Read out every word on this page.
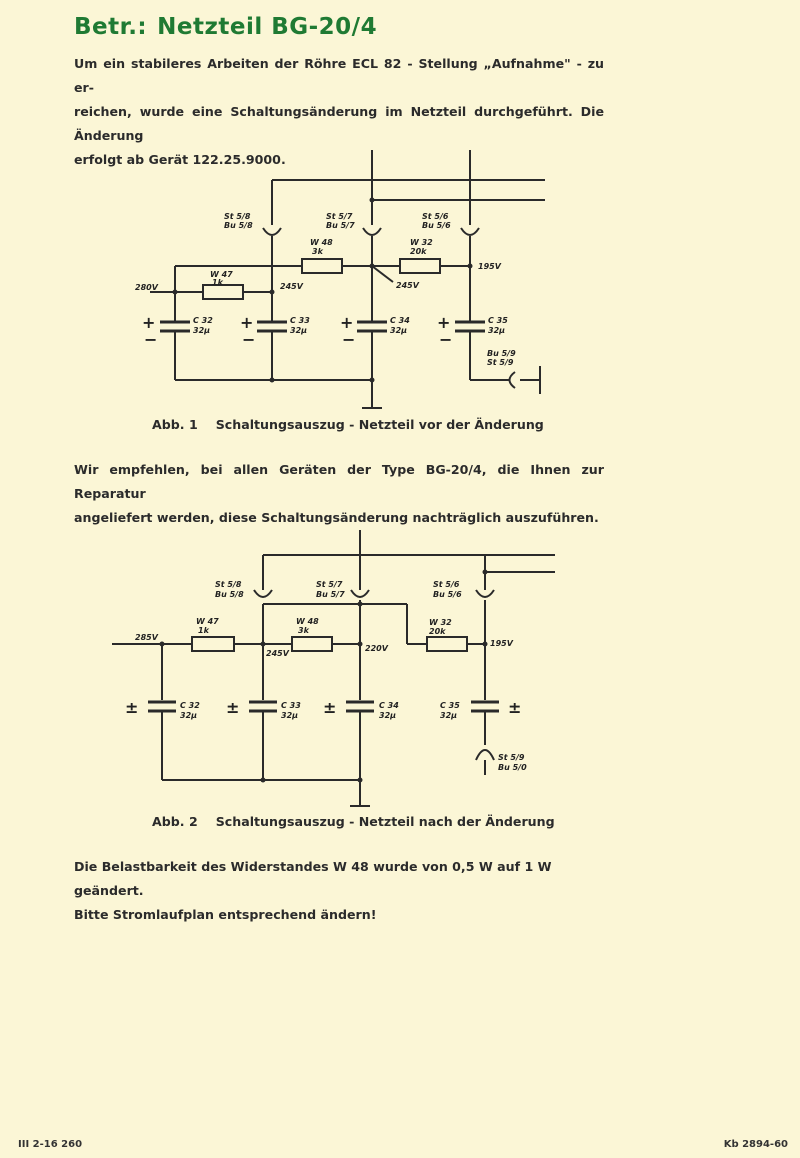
Betr.: Netzteil BG-20/4

Um ein stabileres Arbeiten der Röhre ECL 82 - Stellung „Aufnahme" - zu er-
reichen, wurde eine Schaltungsänderung im Netzteil durchgeführt. Die Änderung
erfolgt ab Gerät 122.25.9000.

St 5/8
Bu 5/8
St 5/7
Bu 5/7
St 5/6
Bu 5/6
W 48
3k
W 32
20k
W 47
1k
280V	245V	245V
195V
C 32
32µ
C 33
32µ
C 34
32µ
C 35
32µ
Bu 5/9
St 5/9
+
−
+
−
+
−
+
−

Abb. 1 Schaltungsauszug - Netzteil vor der Änderung

Wir empfehlen, bei allen Geräten der Type BG-20/4, die Ihnen zur Reparatur
angeliefert werden, diese Schaltungsänderung nachträglich auszuführen.

St 5/8
Bu 5/8
St 5/7
Bu 5/7
St 5/6
Bu 5/6
W 47
1k
W 48
3k
W 32
20k
285V
245V
220V
195V
C 32
32µ
C 33
32µ
C 34
32µ
C 35
32µ
St 5/9
Bu 5/0
±	±	±	±

Abb. 2 Schaltungsauszug - Netzteil nach der Änderung

Die Belastbarkeit des Widerstandes W 48 wurde von 0,5 W auf 1 W geändert.
Bitte Stromlaufplan entsprechend ändern!

III 2-16 260	Kb 2894-60
